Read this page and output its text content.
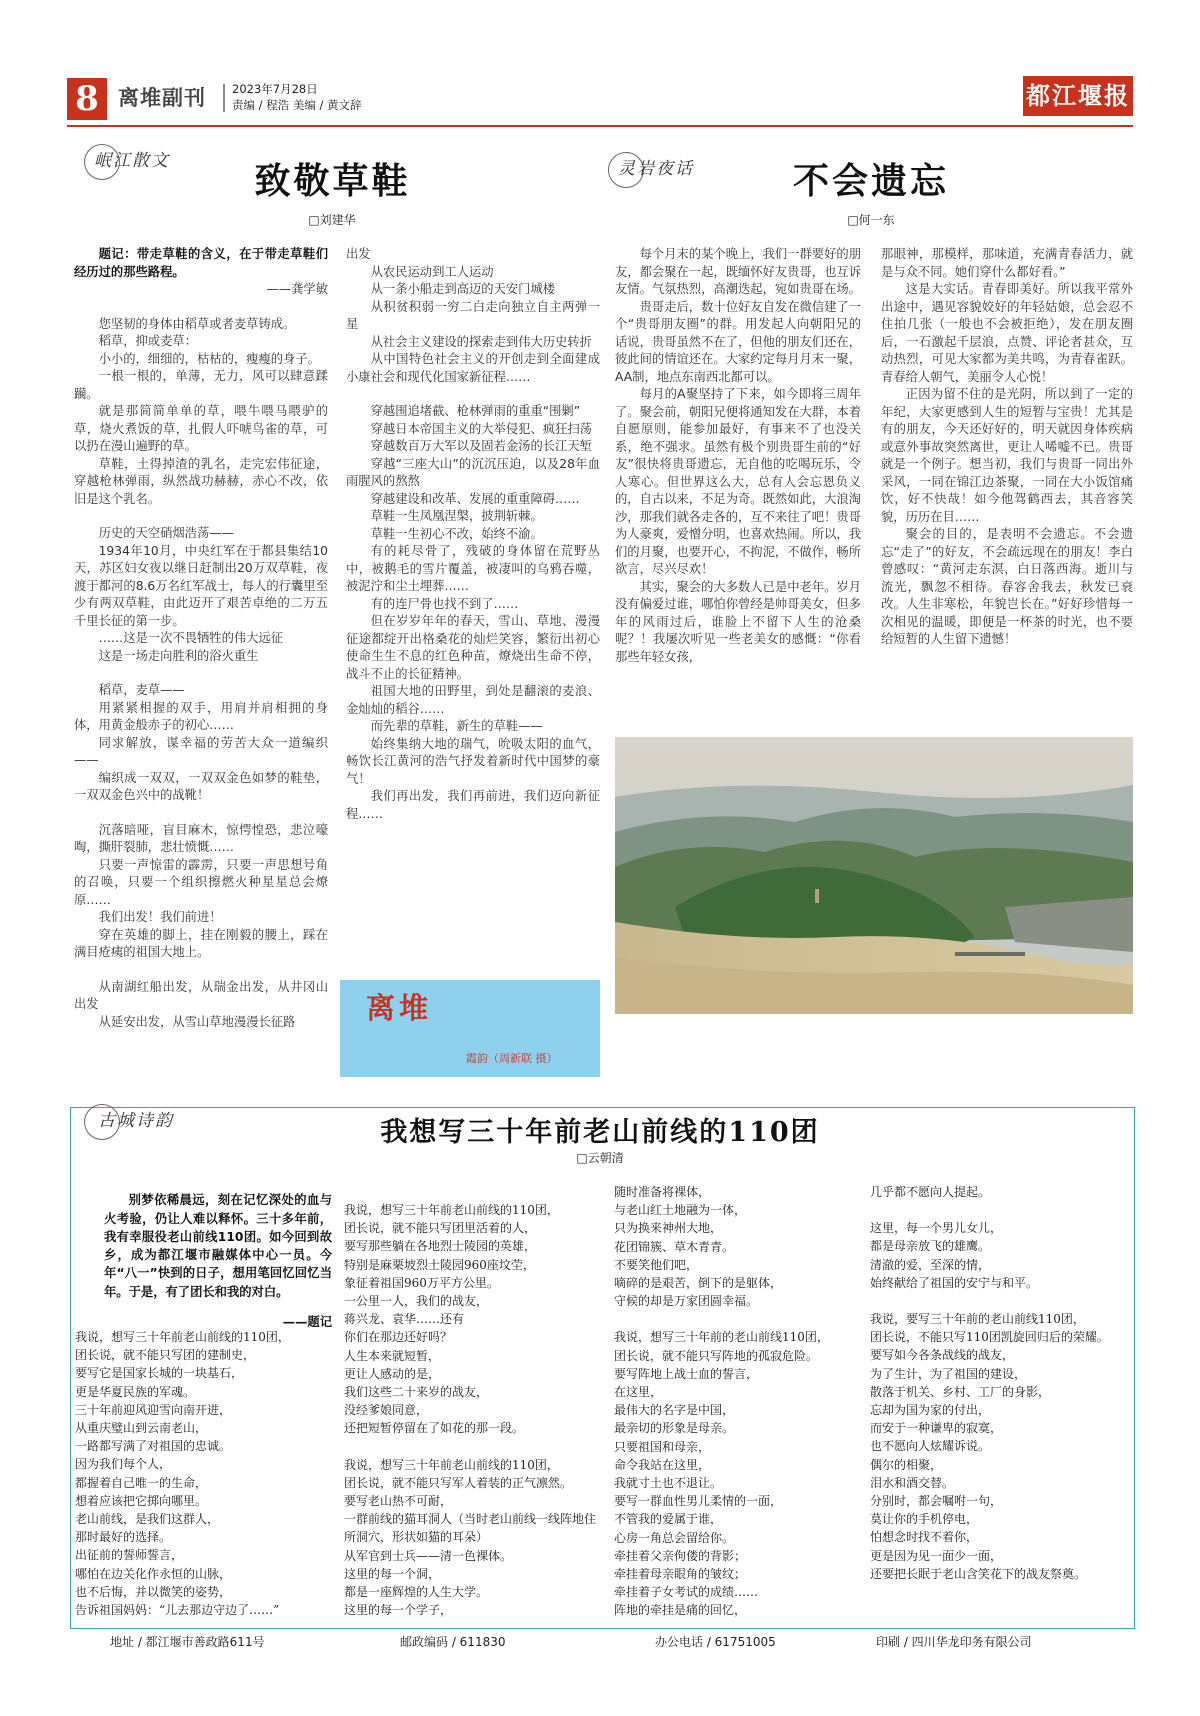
8 离堆副刊 2023年7月28日
责编 / 程浩 美编 / 黄文辞	都江堰报
岷江散文	致敬草鞋
□刘建华

题记：带走草鞋的含义，在于带走草鞋们经历过的那些路程。

——龚学敏

您坚韧的身体由稻草或者麦草铸成。

稻草，抑或麦草：

小小的，细细的，枯枯的，瘦瘦的身子。

一根一根的，单薄，无力，风可以肆意蹂躏。

就是那简简单单的草，喂牛喂马喂驴的草，烧火煮饭的草，扎假人吓唬鸟雀的草，可以扔在漫山遍野的草。

草鞋，土得掉渣的乳名，走完宏伟征途，穿越枪林弹雨，纵然战功赫赫，赤心不改，依旧是这个乳名。

历史的天空硝烟浩荡——

1934年10月，中央红军在于都县集结10天，苏区妇女夜以继日赶制出20万双草鞋，夜渡于都河的8.6万名红军战士，每人的行囊里至少有两双草鞋，由此迈开了艰苦卓绝的二万五千里长征的第一步。

……这是一次不畏牺牲的伟大远征

这是一场走向胜利的浴火重生

稻草，麦草——

用紧紧相握的双手，用肩并肩相拥的身体，用黄金般赤子的初心……

同求解放，谋幸福的劳苦大众一道编织——

编织成一双双，一双双金色如梦的鞋垫，一双双金色兴中的战靴！

沉落暗哑，盲目麻木，惊愕惶恐，悲泣嚎啕，撕肝裂肺，悲壮愤慨……

只要一声惊雷的霹雳，只要一声思想号角的召唤，只要一个组织擦燃火种星星总会燎原……

我们出发！我们前进！

穿在英雄的脚上，挂在刚毅的腰上，踩在满目疮痍的祖国大地上。

从南湖红船出发，从瑞金出发，从井冈山出发

从延安出发，从雪山草地漫漫长征路

出发

从农民运动到工人运动

从一条小船走到高迈的天安门城楼

从积贫积弱一穷二白走向独立自主两弹一星

从社会主义建设的探索走到伟大历史转折

从中国特色社会主义的开创走到全面建成小康社会和现代化国家新征程……

穿越围追堵截、枪林弹雨的重重“围剿”

穿越日本帝国主义的大举侵犯、疯狂扫荡

穿越数百万大军以及固若金汤的长江天堑

穿越“三座大山”的沉沉压迫，以及28年血雨腥风的熬熬

穿越建设和改革、发展的重重障碍……

草鞋一生凤凰涅槃，披荆斩棘。

草鞋一生初心不改，始终不渝。

有的耗尽骨了，残破的身体留在荒野丛中，被鹅毛的雪片覆盖，被凄叫的乌鸦吞噬，被泥泞和尘土埋葬……

有的连尸骨也找不到了……

但在岁岁年年的春天，雪山、草地、漫漫征途都绽开出格桑花的灿烂笑容，繁衍出初心使命生生不息的红色种苗，燎烧出生命不停，战斗不止的长征精神。

祖国大地的田野里，到处是翻滚的麦浪、金灿灿的稻谷……

而先辈的草鞋，新生的草鞋——

始终集纳大地的瑞气，吮吸太阳的血气，畅饮长江黄河的浩气抒发着新时代中国梦的豪气！

我们再出发，我们再前进，我们迈向新征程……

灵岩夜话	不会遗忘
□何一东

每个月末的某个晚上，我们一群要好的朋友，都会聚在一起，既缅怀好友贵哥，也互诉友情。气氛热烈，高潮迭起，宛如贵哥在场。

贵哥走后，数十位好友自发在微信建了一个“贵哥朋友圈”的群。用发起人向朝阳兄的话说，贵哥虽然不在了，但他的朋友们还在，彼此间的情谊还在。大家约定每月月末一聚，AA制，地点东南西北都可以。

每月的A聚坚持了下来，如今即将三周年了。聚会前，朝阳兄便将通知发在大群，本着自愿原则，能参加最好，有事来不了也没关系，绝不强求。虽然有极个别贵哥生前的“好友”很快将贵哥遗忘，无自他的吃喝玩乐，令人寒心。但世界这么大，总有人会忘恩负义的，自古以来，不足为奇。既然如此，大浪淘沙，那我们就各走各的，互不来往了吧！贵哥为人豪爽，爱憎分明，也喜欢热闹。所以，我们的月聚，也要开心，不拘泥，不做作，畅所欲言，尽兴尽欢！

其实，聚会的大多数人已是中老年。岁月没有偏爱过谁，哪怕你曾经是帅哥美女，但多年的风雨过后，谁脸上不留下人生的沧桑呢？！我屡次听见一些老美女的感慨：“你看那些年轻女孩，

那眼神，那模样，那味道，充满青春活力，就是与众不同。她们穿什么都好看。”

这是大实话。青春即美好。所以我平常外出途中，遇见容貌姣好的年轻姑娘，总会忍不住拍几张（一般也不会被拒绝），发在朋友圈后，一石激起千层浪，点赞、评论者甚众，互动热烈，可见大家都为美共鸣，为青春雀跃。青春给人朝气，美丽令人心悦！

正因为留不住的是光阴，所以到了一定的年纪，大家更感到人生的短暂与宝贵！尤其是有的朋友，今天还好好的，明天就因身体疾病或意外事故突然离世，更让人唏嘘不已。贵哥就是一个例子。想当初，我们与贵哥一同出外采风，一同在锦江边茶聚，一同在大小饭馆痛饮，好不快哉！如今他驾鹤西去，其音容笑貌，历历在目……

聚会的目的，是表明不会遗忘。不会遗忘“走了”的好友，不会疏远现在的朋友！李白曾感叹：“黄河走东溟，白日落西海。逝川与流光，飘忽不相待。春容舍我去，秋发已衰改。人生非寒松，年貌岂长在。”好好珍惜每一次相见的温暖，即便是一杯茶的时光，也不要给短暂的人生留下遗憾！

离堆
霞韵（周新联 摄）
古城诗韵	我想写三十年前老山前线的110团
□云朝清

别梦依稀晨远，刻在记忆深处的血与火考验，仍让人难以释怀。三十多年前，我有幸服役老山前线110团。如今回到故乡，成为都江堰市融媒体中心一员。今年“八一”快到的日子，想用笔回忆回忆当年。于是，有了团长和我的对白。

——题记

我说，想写三十年前老山前线的110团，

团长说，就不能只写团的建制史，

要写它是国家长城的一块基石，

更是华夏民族的军魂。

三十年前迎风迎雪向南开进，

从重庆璧山到云南老山，

一路都写满了对祖国的忠诚。

因为我们每个人，

都握着自己唯一的生命，

想着应该把它掷向哪里。

老山前线，是我们这群人，

那时最好的选择。

出征前的誓师誓言，

哪怕在边关化作永恒的山脉，

也不后悔，并以微笑的姿势，

告诉祖国妈妈：“儿去那边守边了……”

我说，想写三十年前老山前线的110团，

团长说，就不能只写团里活着的人，

要写那些躺在各地烈士陵园的英雄，

特别是麻栗坡烈士陵园960座坟茔，

象征着祖国960万平方公里。

一公里一人，我们的战友，

蒋兴龙、袁华……还有

你们在那边还好吗？

人生本来就短暂，

更让人感动的是，

我们这些二十来岁的战友，

没经爹娘同意，

还把短暂停留在了如花的那一段。

我说，想写三十年前老山前线的110团，

团长说，就不能只写军人着装的正气凛然。

要写老山热不可耐，

一群前线的猫耳洞人（当时老山前线一线阵地住所洞穴，形状如猫的耳朵）

从军官到士兵——清一色裸体。

这里的每一个洞，

都是一座辉煌的人生大学。

这里的每一个学子，

随时准备将裸体，

与老山红土地融为一体，

只为换来神州大地，

花团锦簇、草木青青。

不要笑他们吧，

嘀碎的是艰苦，倒下的是躯体，

守候的却是万家团圆幸福。

我说，想写三十年前的老山前线110团，

团长说，就不能只写阵地的孤寂危险。

要写阵地上战士血的誓言，

在这里，

最伟大的名字是中国，

最亲切的形象是母亲。

只要祖国和母亲，

命令我站在这里，

我就寸土也不退让。

要写一群血性男儿柔情的一面，

不管我的爱属于谁，

心房一角总会留给你。

牵挂着父亲佝偻的背影；

牵挂着母亲眼角的皱纹；

牵挂着子女考试的成绩……

阵地的牵挂是痛的回忆，

几乎都不愿向人提起。

这里，每一个男儿女儿，

都是母亲放飞的雄鹰。

清澈的爱，至深的情，

始终献给了祖国的安宁与和平。

我说，要写三十年前的老山前线110团，

团长说，不能只写110团凯旋回归后的荣耀。

要写如今各条战线的战友，

为了生计，为了祖国的建设，

散落于机关、乡村、工厂的身影，

忘却为国为家的付出，

而安于一种谦卑的寂寞，

也不愿向人炫耀诉说。

偶尔的相聚，

泪水和酒交替。

分别时，都会嘱咐一句，

莫让你的手机停电，

怕想念时找不着你，

更是因为见一面少一面，

还要把长眠于老山含笑花下的战友祭奠。

地址 / 都江堰市善政路611号	邮政编码 / 611830	办公电话 / 61751005	印刷 / 四川华龙印务有限公司
